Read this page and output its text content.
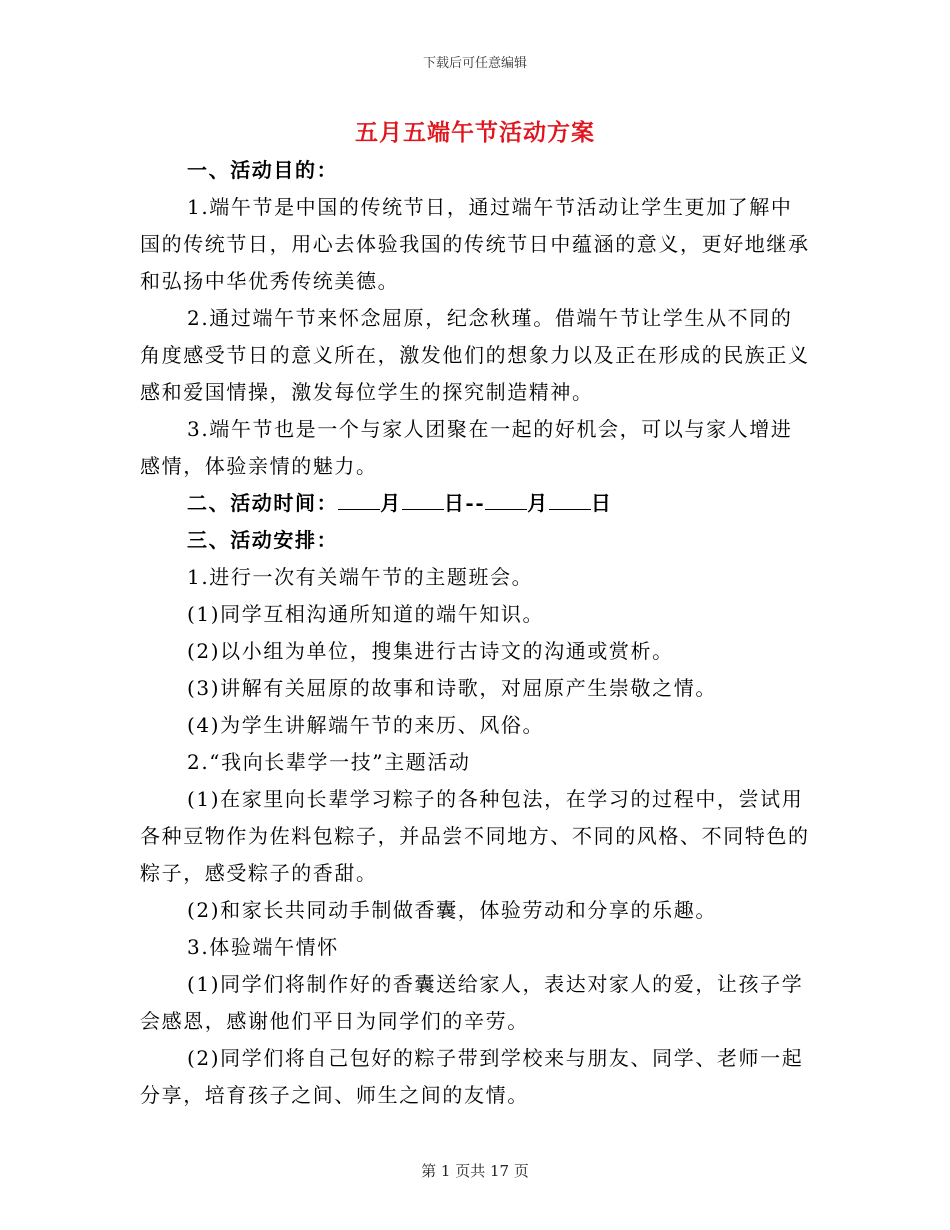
下载后可任意编辑
五月五端午节活动方案

一、活动目的：

1.端午节是中国的传统节日，通过端午节活动让学生更加了解中国的传统节日，用心去体验我国的传统节日中蕴涵的意义，更好地继承和弘扬中华优秀传统美德。

2.通过端午节来怀念屈原，纪念秋瑾。借端午节让学生从不同的角度感受节日的意义所在，激发他们的想象力以及正在形成的民族正义感和爱国情操，激发每位学生的探究制造精神。

3.端午节也是一个与家人团聚在一起的好机会，可以与家人增进感情，体验亲情的魅力。

二、活动时间： 月 日-- 月 日

三、活动安排：

1.进行一次有关端午节的主题班会。

(1)同学互相沟通所知道的端午知识。

(2)以小组为单位，搜集进行古诗文的沟通或赏析。

(3)讲解有关屈原的故事和诗歌，对屈原产生崇敬之情。

(4)为学生讲解端午节的来历、风俗。

2.“我向长辈学一技”主题活动

(1)在家里向长辈学习粽子的各种包法，在学习的过程中，尝试用各种豆物作为佐料包粽子，并品尝不同地方、不同的风格、不同特色的粽子，感受粽子的香甜。

(2)和家长共同动手制做香囊，体验劳动和分享的乐趣。

3.体验端午情怀

(1)同学们将制作好的香囊送给家人，表达对家人的爱，让孩子学会感恩，感谢他们平日为同学们的辛劳。

(2)同学们将自己包好的粽子带到学校来与朋友、同学、老师一起分享，培育孩子之间、师生之间的友情。

第 1 页共 17 页
